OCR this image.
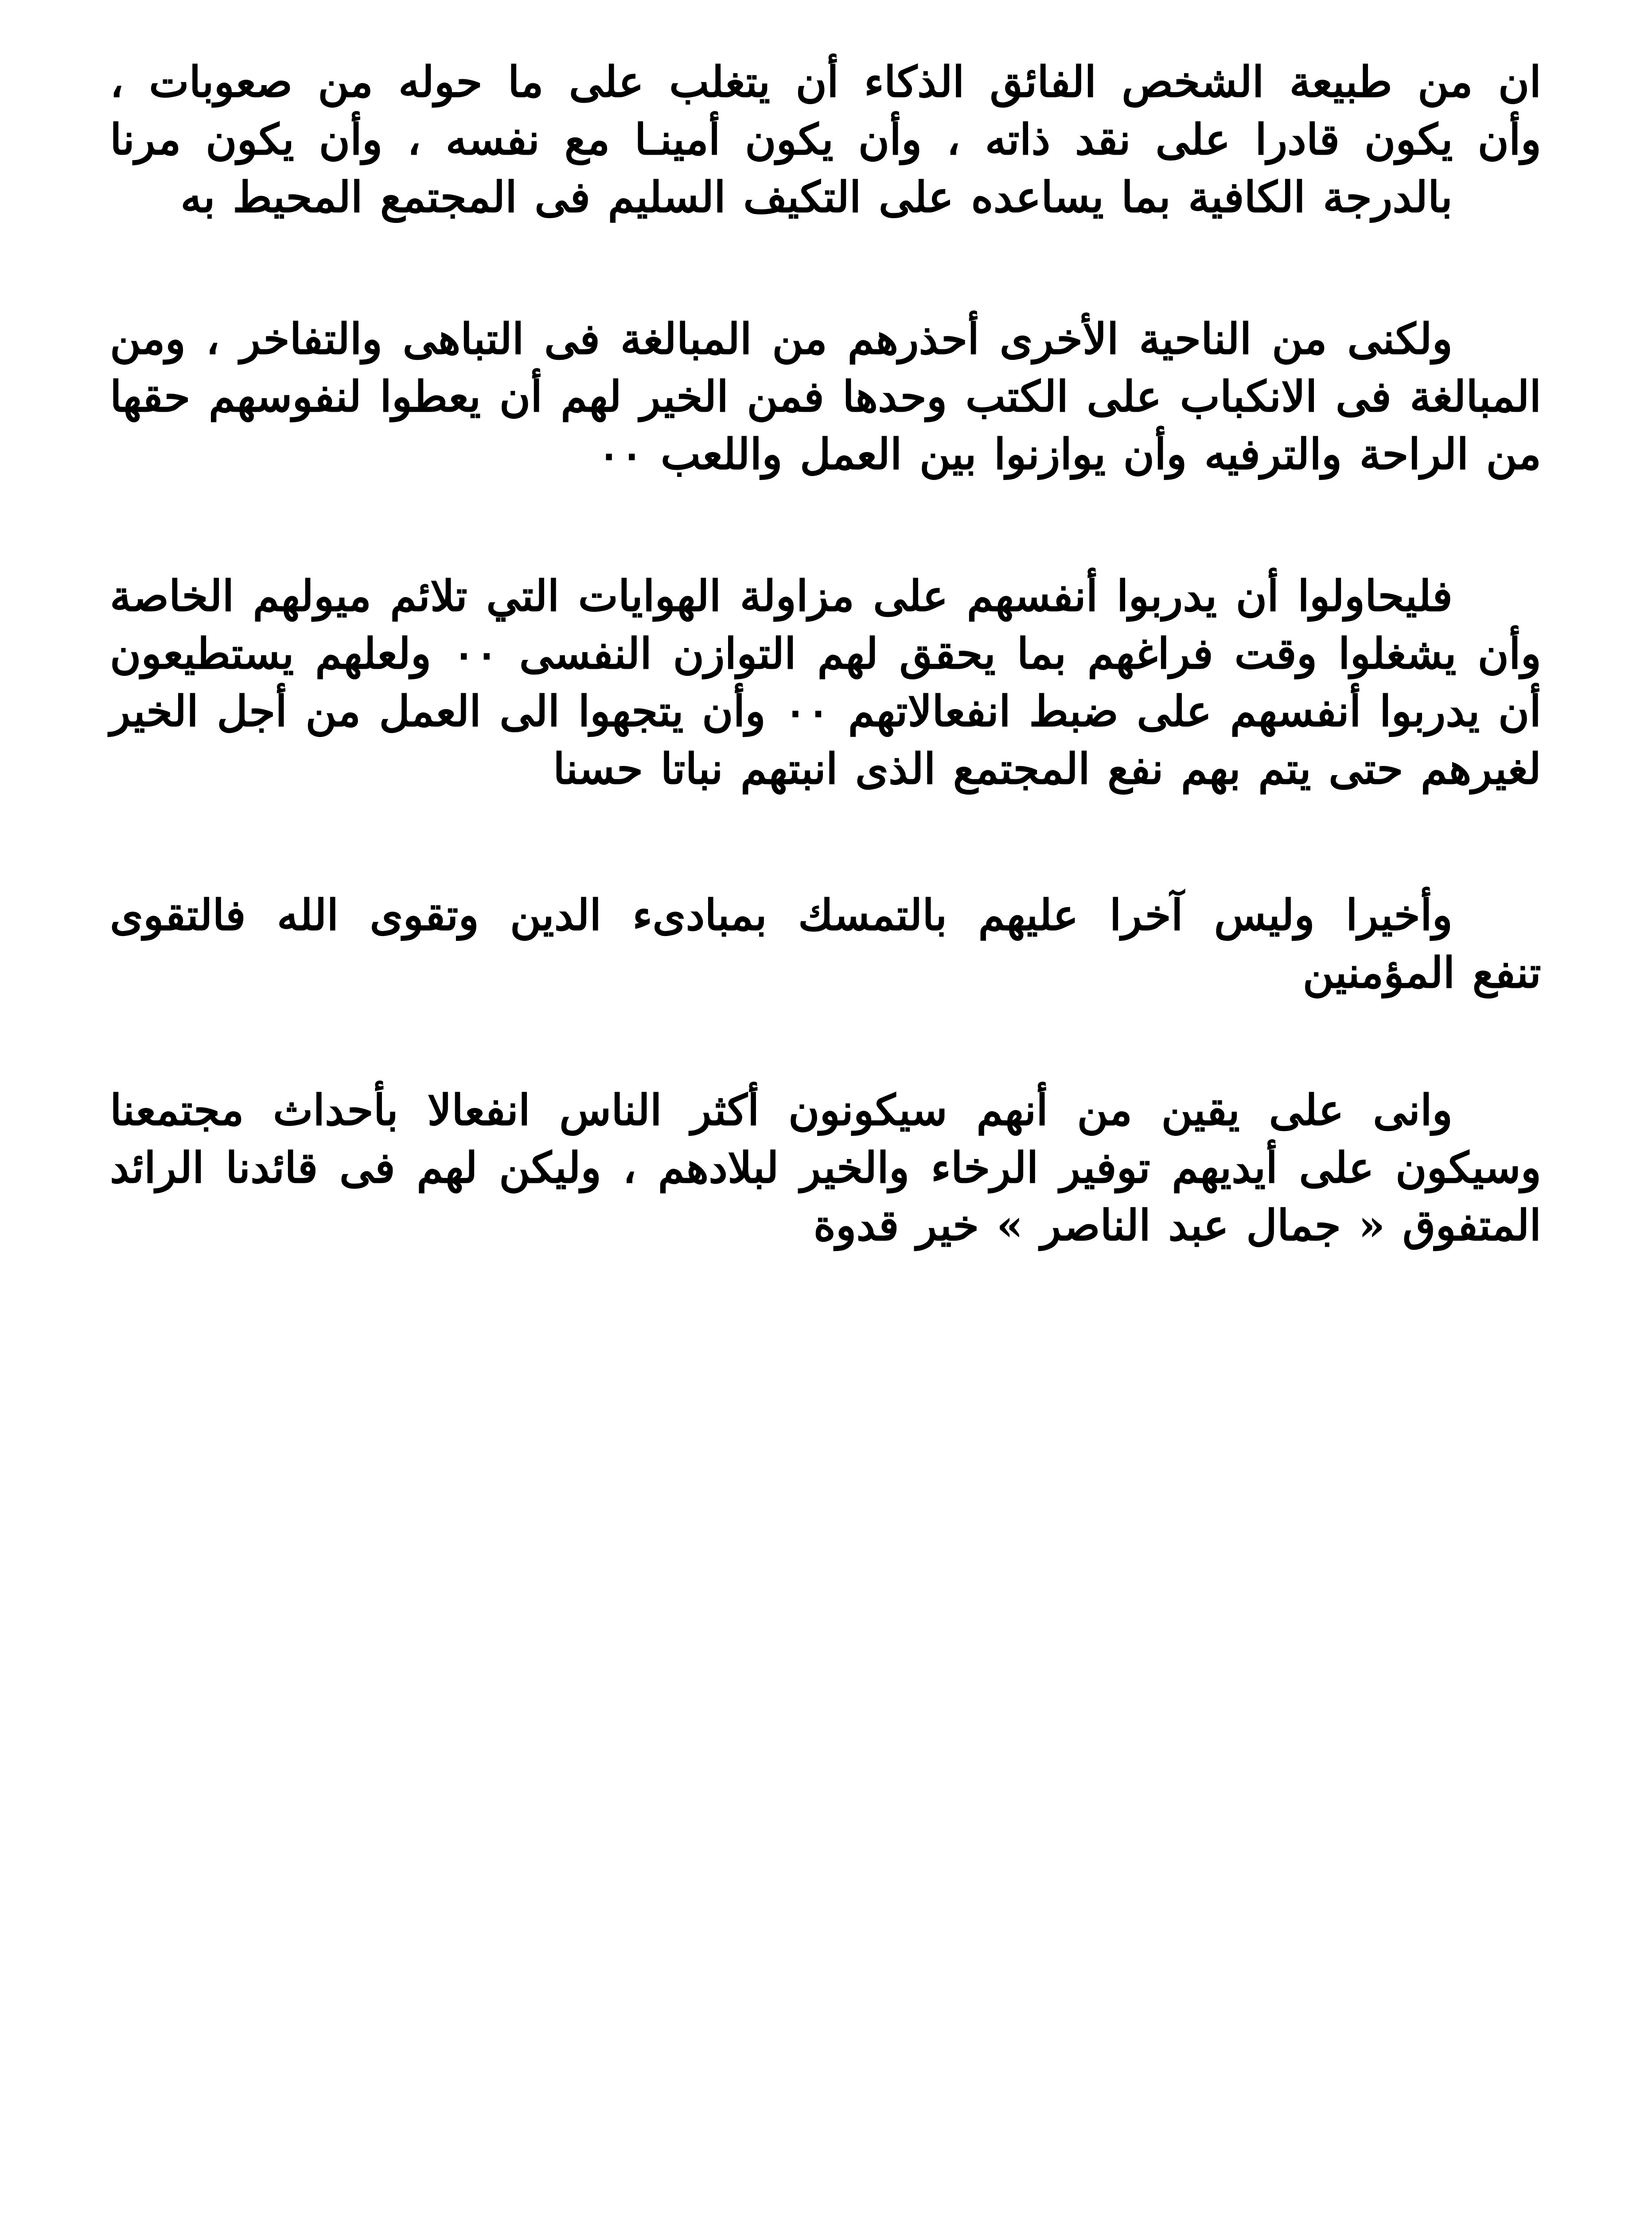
ان من طبيعة الشخص الفائق الذكاء أن يتغلب على ما حوله من صعوبات ،
وأن يكون قادرا على نقد ذاته ، وأن يكون أمينـا مع نفسه ، وأن يكون مرنا
بالدرجة الكافية بما يساعده على التكيف السليم فى المجتمع المحيط به
ولكنى من الناحية الأخرى أحذرهم من المبالغة فى التباهى والتفاخر ، ومن
المبالغة فى الانكباب على الكتب وحدها فمن الخير لهم أن يعطوا لنفوسهم حقها
من الراحة والترفيه وأن يوازنوا بين العمل واللعب ٠٠
فليحاولوا أن يدربوا أنفسهم على مزاولة الهوايات التي تلائم ميولهم الخاصة
وأن يشغلوا وقت فراغهم بما يحقق لهم التوازن النفسى ٠٠ ولعلهم يستطيعون
أن يدربوا أنفسهم على ضبط انفعالاتهم ٠٠ وأن يتجهوا الى العمل من أجل الخير
لغيرهم حتى يتم بهم نفع المجتمع الذى انبتهم نباتا حسنا
وأخيرا وليس آخرا عليهم بالتمسك بمبادىء الدين وتقوى الله فالتقوى
تنفع المؤمنين
وانى على يقين من أنهم سيكونون أكثر الناس انفعالا بأحداث مجتمعنا
وسيكون على أيديهم توفير الرخاء والخير لبلادهم ، وليكن لهم فى قائدنا الرائد
المتفوق « جمال عبد الناصر » خير قدوة
